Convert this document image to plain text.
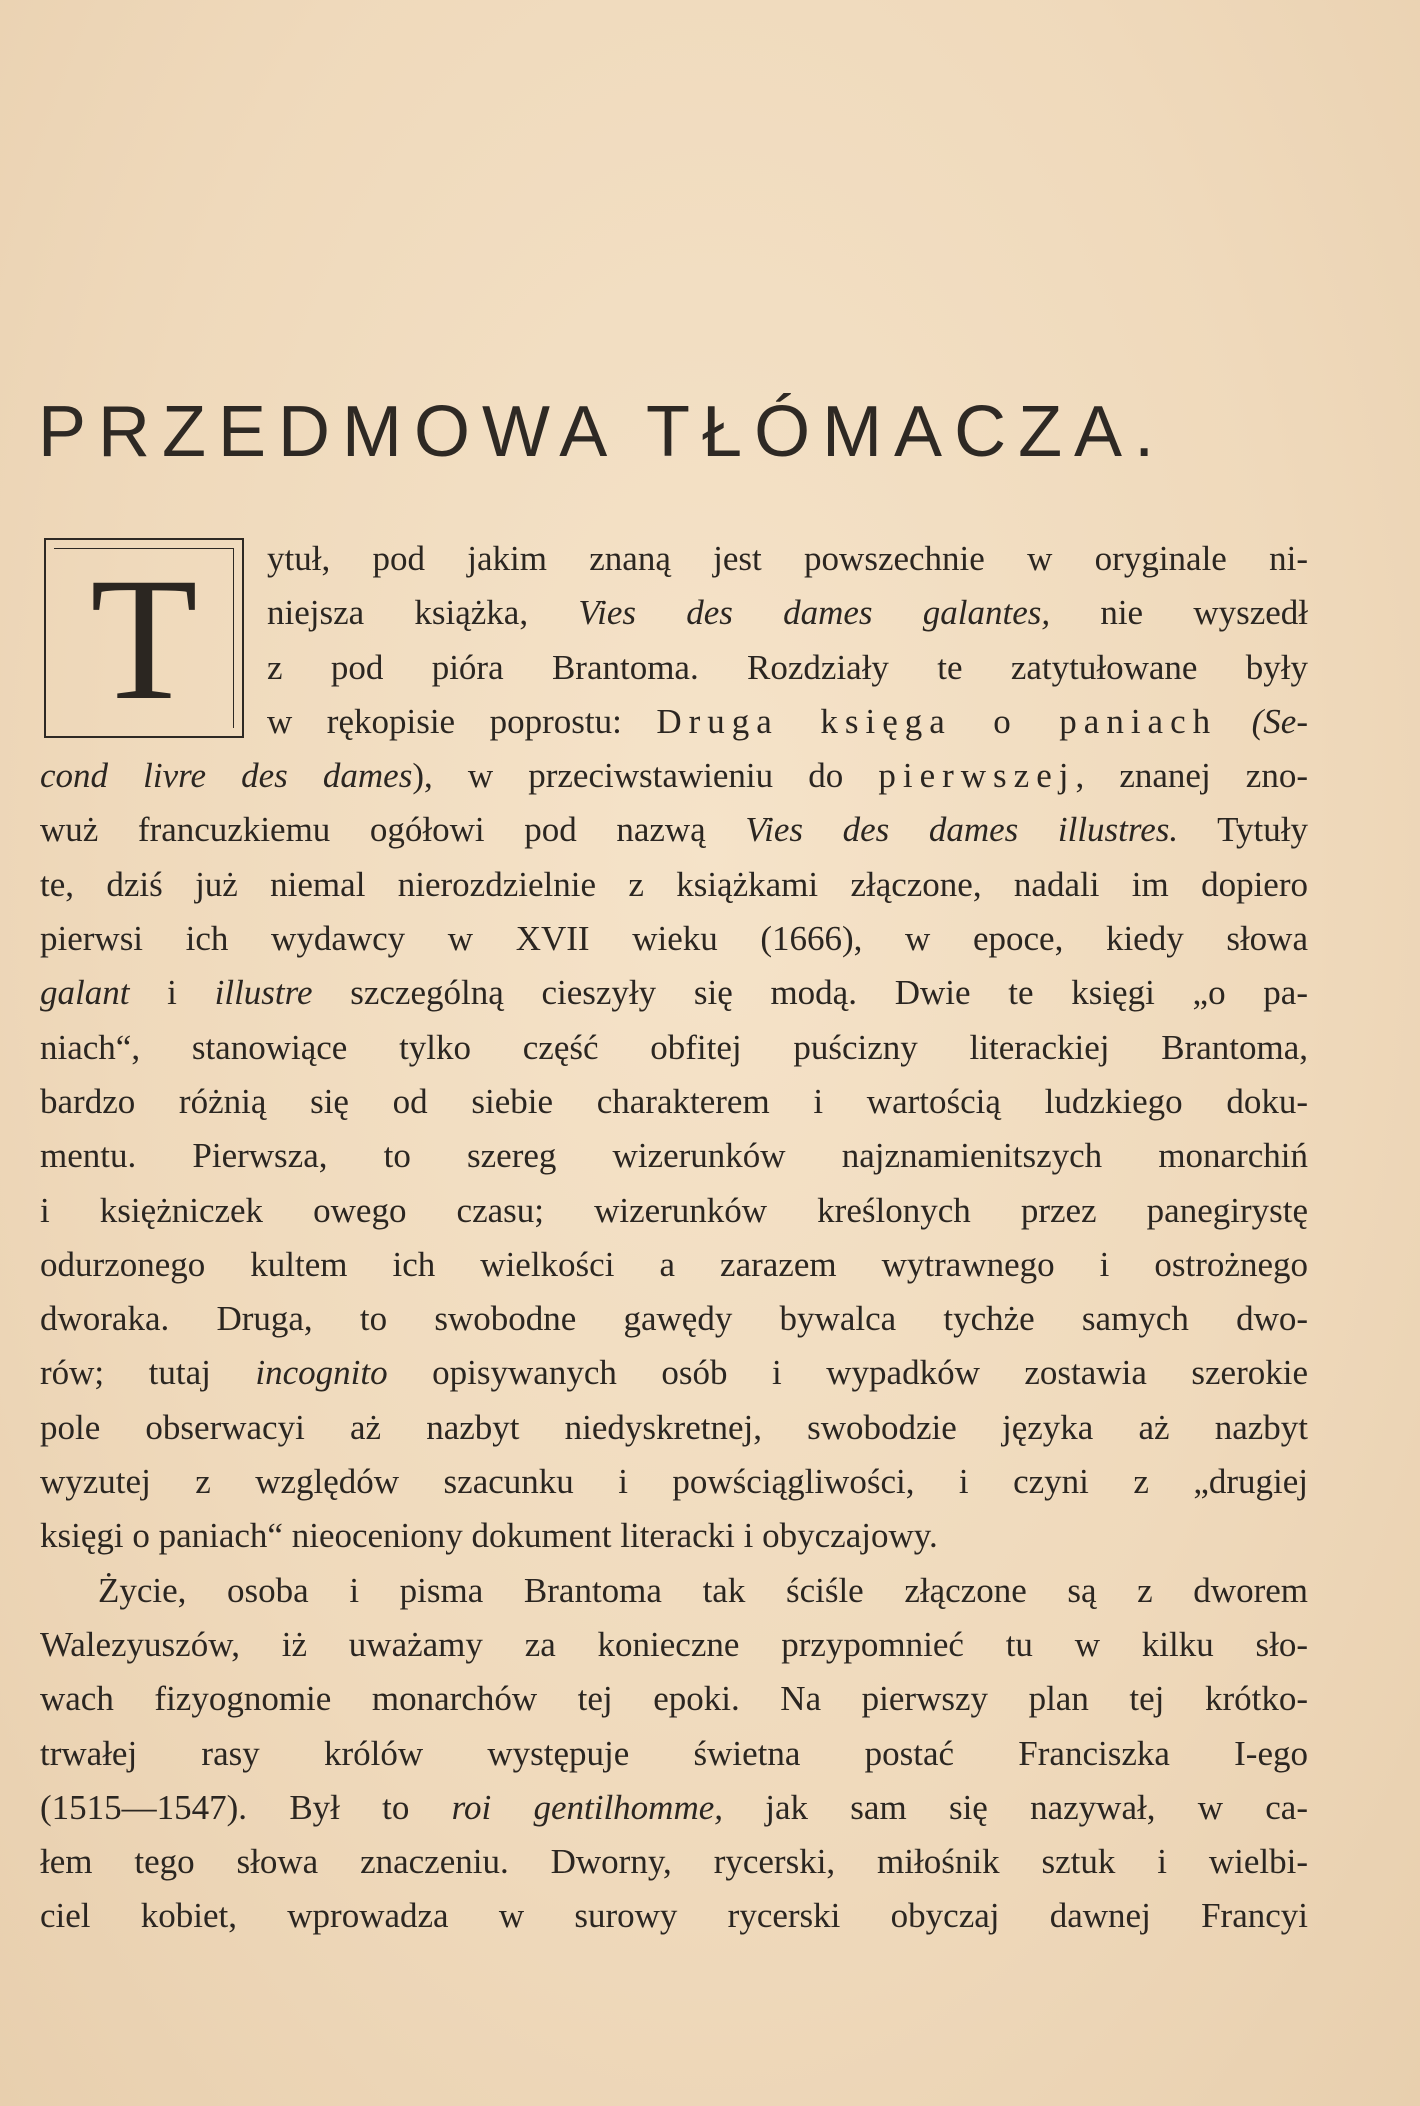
PRZEDMOWA TŁÓMACZA.
T	ytuł, pod jakim znaną jest powszechnie w oryginale ni-
niejsza książka, Vies des dames galantes, nie wyszedł
z pod pióra Brantoma. Rozdziały te zatytułowane były
w rękopisie poprostu: Druga księga o paniach (Se-
cond livre des dames), w przeciwstawieniu do pierwszej, znanej zno-
wuż francuzkiemu ogółowi pod nazwą Vies des dames illustres. Tytuły
te, dziś już niemal nierozdzielnie z książkami złączone, nadali im dopiero
pierwsi ich wydawcy w XVII wieku (1666), w epoce, kiedy słowa
galant i illustre szczególną cieszyły się modą. Dwie te księgi „o pa-
niach“, stanowiące tylko część obfitej puścizny literackiej Brantoma,
bardzo różnią się od siebie charakterem i wartością ludzkiego doku-
mentu. Pierwsza, to szereg wizerunków najznamienitszych monarchiń
i księżniczek owego czasu; wizerunków kreślonych przez panegirystę
odurzonego kultem ich wielkości a zarazem wytrawnego i ostrożnego
dworaka. Druga, to swobodne gawędy bywalca tychże samych dwo-
rów; tutaj incognito opisywanych osób i wypadków zostawia szerokie
pole obserwacyi aż nazbyt niedyskretnej, swobodzie języka aż nazbyt
wyzutej z względów szacunku i powściągliwości, i czyni z „drugiej
księgi o paniach“ nieoceniony dokument literacki i obyczajowy.
Życie, osoba i pisma Brantoma tak ściśle złączone są z dworem
Walezyuszów, iż uważamy za konieczne przypomnieć tu w kilku sło-
wach fizyognomie monarchów tej epoki. Na pierwszy plan tej krótko-
trwałej rasy królów występuje świetna postać Franciszka I-ego
(1515—1547). Był to roi gentilhomme, jak sam się nazywał, w ca-
łem tego słowa znaczeniu. Dworny, rycerski, miłośnik sztuk i wielbi-
ciel kobiet, wprowadza w surowy rycerski obyczaj dawnej Francyi
